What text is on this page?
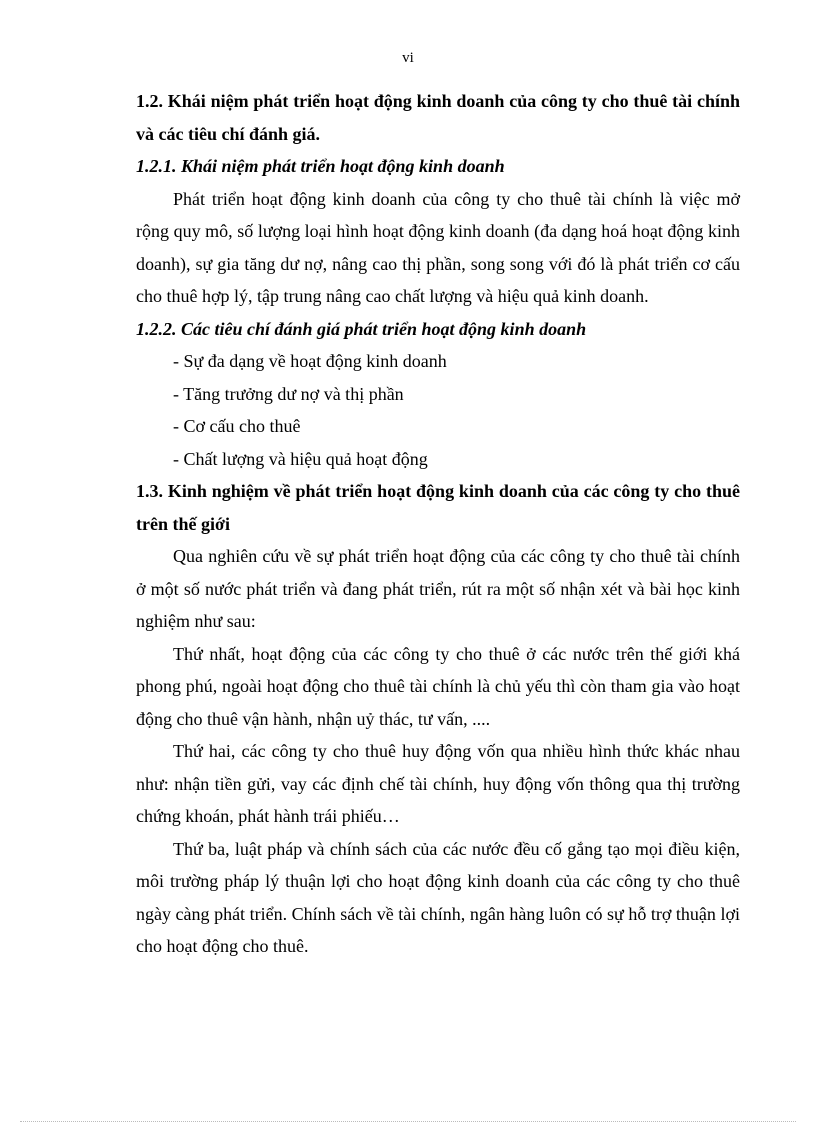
vi

1.2. Khái niệm phát triển hoạt động kinh doanh của công ty cho thuê tài chính và các tiêu chí đánh giá.

1.2.1. Khái niệm phát triển hoạt động kinh doanh

Phát triển hoạt động kinh doanh của công ty cho thuê tài chính là việc mở rộng quy mô, số lượng loại hình hoạt động kinh doanh (đa dạng hoá hoạt động kinh doanh), sự gia tăng dư nợ, nâng cao thị phần, song song với đó là phát triển cơ cấu cho thuê hợp lý, tập trung nâng cao chất lượng và hiệu quả kinh doanh.

1.2.2. Các tiêu chí đánh giá phát triển hoạt động kinh doanh

- Sự đa dạng về hoạt động kinh doanh

- Tăng trưởng dư nợ và thị phần

- Cơ cấu cho thuê

- Chất lượng và hiệu quả hoạt động

1.3. Kinh nghiệm về phát triển hoạt động kinh doanh của các công ty cho thuê trên thế giới

Qua nghiên cứu về sự phát triển hoạt động của các công ty cho thuê tài chính ở một số nước phát triển và đang phát triển, rút ra một số nhận xét và bài học kinh nghiệm như sau:

Thứ nhất, hoạt động của các công ty cho thuê ở các nước trên thế giới khá phong phú, ngoài hoạt động cho thuê tài chính là chủ yếu thì còn tham gia vào hoạt động cho thuê vận hành, nhận uỷ thác, tư vấn, ....

Thứ hai, các công ty cho thuê huy động vốn qua nhiều hình thức khác nhau như: nhận tiền gửi, vay các định chế tài chính, huy động vốn thông qua thị trường chứng khoán, phát hành trái phiếu…

Thứ ba, luật pháp và chính sách của các nước đều cố gắng tạo mọi điều kiện, môi trường pháp lý thuận lợi cho hoạt động kinh doanh của các công ty cho thuê ngày càng phát triển. Chính sách về tài chính, ngân hàng luôn có sự hỗ trợ thuận lợi cho hoạt động cho thuê.
